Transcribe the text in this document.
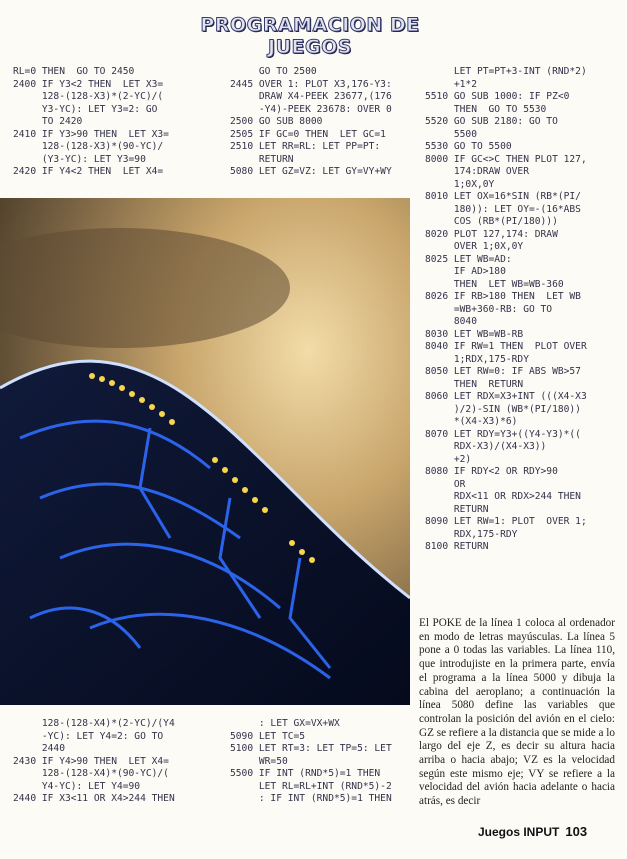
PROGRAMACION DE JUEGOS
RL=0 THEN  GO TO 2450
2400 IF Y3<2 THEN  LET X3=
128-(128-X3)*(2-YC)/(
Y3-YC): LET Y3=2: GO
TO 2420
2410 IF Y3>90 THEN  LET X3=
128-(128-X3)*(90-YC)/
(Y3-YC): LET Y3=90
2420 IF Y4<2 THEN  LET X4=
GO TO 2500
2445 OVER 1: PLOT X3,176-Y3:
DRAW X4-PEEK 23677,(176
-Y4)-PEEK 23678: OVER 0
2500 GO SUB 8000
2505 IF GC=0 THEN  LET GC=1
2510 LET RR=RL: LET PP=PT:
RETURN
5080 LET GZ=VZ: LET GY=VY+WY
LET PT=PT+3-INT (RND*2)
+1*2
5510 GO SUB 1000: IF PZ<0
THEN  GO TO 5530
5520 GO SUB 2180: GO TO
5500
5530 GO TO 5500
8000 IF GC<>C THEN PLOT 127,
174:DRAW OVER
1;0X,0Y
8010 LET OX=16*SIN (RB*(PI/
180)): LET OY=-(16*ABS
COS (RB*(PI/180)))
8020 PLOT 127,174: DRAW
OVER 1;0X,0Y
8025 LET WB=AD:
IF AD>180
THEN  LET WB=WB-360
8026 IF RB>180 THEN  LET WB
=WB+360-RB: GO TO
8040
8030 LET WB=WB-RB
8040 IF RW=1 THEN  PLOT OVER
1;RDX,175-RDY
8050 LET RW=0: IF ABS WB>57
THEN  RETURN
8060 LET RDX=X3+INT (((X4-X3
)/2)-SIN (WB*(PI/180))
*(X4-X3)*6)
8070 LET RDY=Y3+((Y4-Y3)*((
RDX-X3)/(X4-X3))
+2)
8080 IF RDY<2 OR RDY>90
OR
RDX<11 OR RDX>244 THEN
RETURN
8090 LET RW=1: PLOT  OVER 1;
RDX,175-RDY
8100 RETURN
128-(128-X4)*(2-YC)/(Y4
-YC): LET Y4=2: GO TO
2440
2430 IF Y4>90 THEN  LET X4=
128-(128-X4)*(90-YC)/(
Y4-YC): LET Y4=90
2440 IF X3<11 OR X4>244 THEN
: LET GX=VX+WX
5090 LET TC=5
5100 LET RT=3: LET TP=5: LET
WR=50
5500 IF INT (RND*5)=1 THEN
LET RL=RL+INT (RND*5)-2
: IF INT (RND*5)=1 THEN

El POKE de la línea 1 coloca al ordenador en modo de letras mayúsculas. La línea 5 pone a 0 todas las variables. La línea 110, que introdujiste en la primera parte, envía el programa a la línea 5000 y dibuja la cabina del aeroplano; a continuación la línea 5080 define las variables que controlan la posición del avión en el cielo: GZ se refiere a la distancia que se mide a lo largo del eje Z, es decir su altura hacia arriba o hacia abajo; VZ es la velocidad según este mismo eje; VY se refiere a la velocidad del avión hacia adelante o hacia atrás, es decir

Juegos INPUT 103
